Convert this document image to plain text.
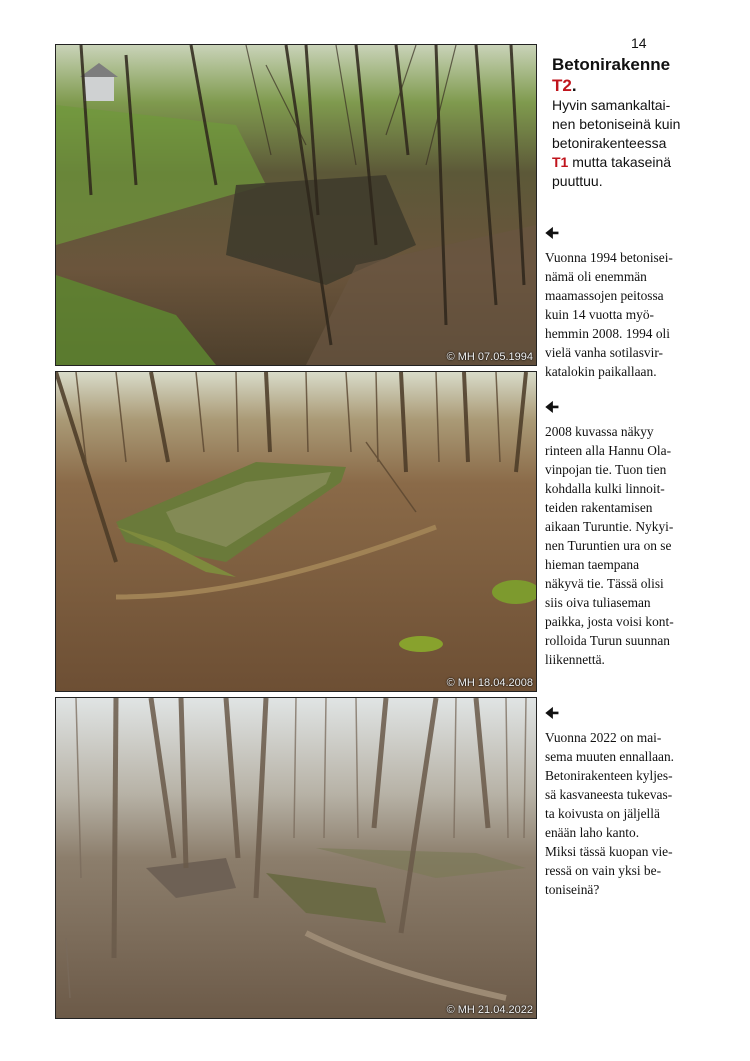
14
© MH 07.05.1994
© MH 18.04.2008
© MH 21.04.2022
Betonirakenne
T2.
Hyvin samankaltai-
nen betoniseinä kuin
betonirakenteessa
T1 mutta takaseinä
puuttuu.
🠈
Vuonna 1994 betonisei-
nämä oli enemmän
maamassojen peitossa
kuin 14 vuotta myö-
hemmin 2008. 1994 oli
vielä vanha sotilasvir-
katalokin paikallaan.
🠈
2008 kuvassa näkyy
rinteen alla Hannu Ola-
vinpojan tie. Tuon tien
kohdalla kulki linnoit-
teiden rakentamisen
aikaan Turuntie. Nykyi-
nen Turuntien ura on se
hieman taempana
näkyvä tie. Tässä olisi
siis oiva tuliaseman
paikka, josta voisi kont-
rolloida Turun suunnan
liikennettä.
🠈
Vuonna 2022 on mai-
sema muuten ennallaan.
Betonirakenteen kyljes-
sä kasvaneesta tukevas-
ta koivusta on jäljellä
enään laho kanto.
Miksi tässä kuopan vie-
ressä on vain yksi be-
toniseinä?
